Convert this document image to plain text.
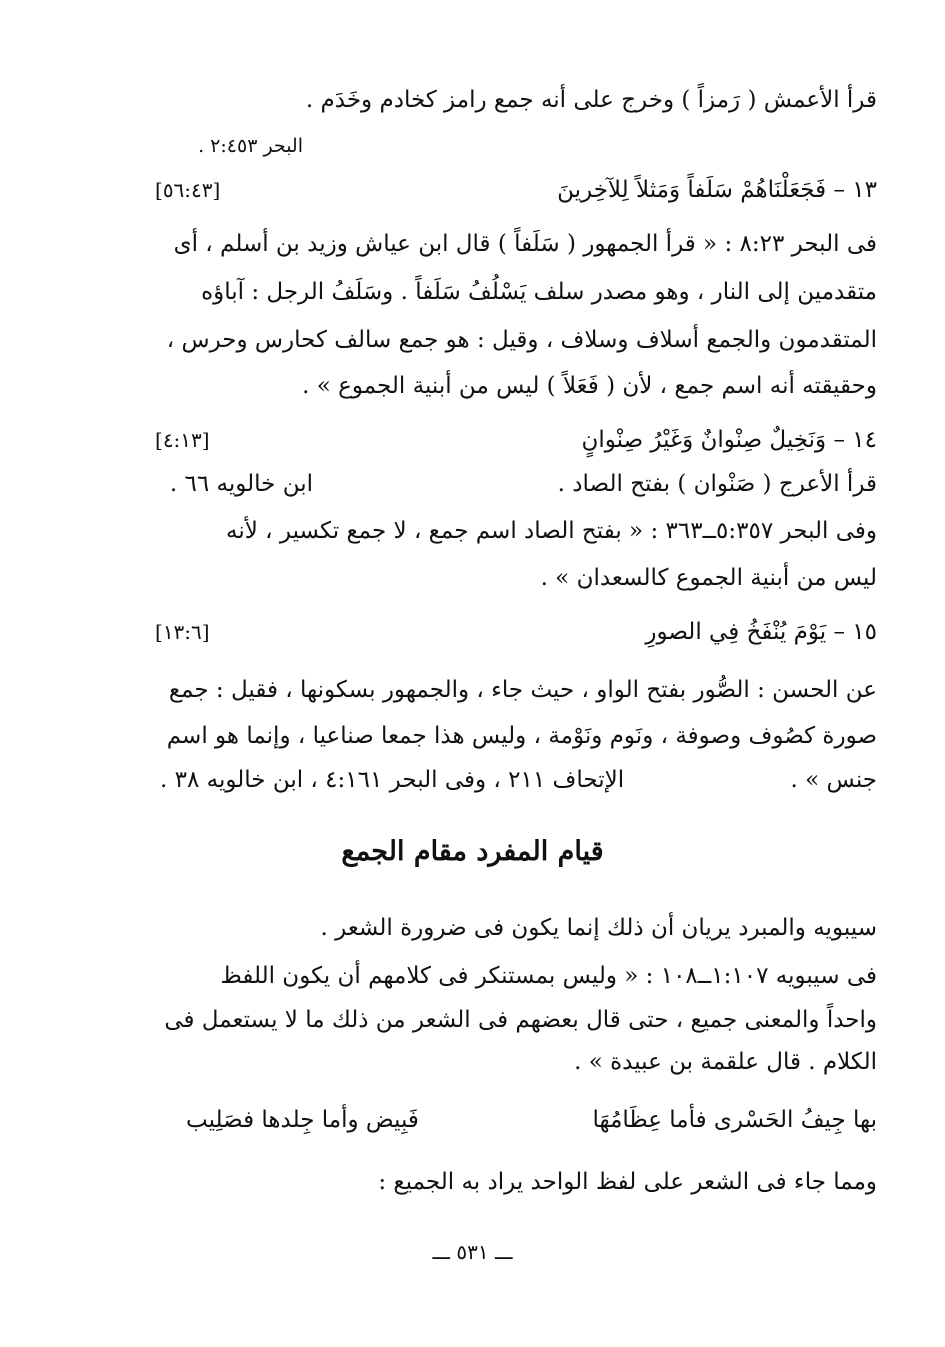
قرأ الأعمش ( رَمزاً ) وخرج على أنه جمع رامز كخادم وخَدَم .
البحر ٢:٤٥٣ .
١٣ – فَجَعَلْنَاهُمْ سَلَفاً وَمَثلاً لِلآخِرينَ
[٥٦:٤٣]
فى البحر ٨:٢٣ : « قرأ الجمهور ( سَلَفاً ) قال ابن عياش وزيد بن أسلم ، أى
متقدمين إلى النار ، وهو مصدر سلف يَسْلُفُ سَلَفاً . وسَلَفُ الرجل : آباؤه
المتقدمون والجمع أسلاف وسلاف ، وقيل : هو جمع سالف كحارس وحرس ،
وحقيقته أنه اسم جمع ، لأن ( فَعَلاً ) ليس من أبنية الجموع » .
١٤ – وَنَخِيلٌ صِنْوانٌ وَغَيْرُ صِنْوانٍ
[٤:١٣]
قرأ الأعرج ( صَنْوان ) بفتح الصاد .
ابن خالويه ٦٦ .
وفى البحر ٥:٣٥٧ــ٣٦٣ : « بفتح الصاد اسم جمع ، لا جمع تكسير ، لأنه
ليس من أبنية الجموع كالسعدان » .
١٥ – يَوْمَ يُنْفَخُ فِي الصورِ
[١٣:٦]
عن الحسن : الصُّور بفتح الواو ، حيث جاء ، والجمهور بسكونها ، فقيل : جمع
صورة كصُوف وصوفة ، ونَوم ونَوْمة ، وليس هذا جمعا صناعيا ، وإنما هو اسم
جنس » .
الإتحاف ٢١١ ، وفى البحر ٤:١٦١ ، ابن خالويه ٣٨ .
قيام المفرد مقام الجمع
سيبويه والمبرد يريان أن ذلك إنما يكون فى ضرورة الشعر .
فى سيبويه ١:١٠٧ــ١٠٨ : « وليس بمستنكر فى كلامهم أن يكون اللفظ
واحداً والمعنى جميع ، حتى قال بعضهم فى الشعر من ذلك ما لا يستعمل فى
الكلام . قال علقمة بن عبيدة » .
بها جِيفُ الحَسْرى فأما عِظَامُهَا
فَبِيض وأما جِلدها فصَلِيب
ومما جاء فى الشعر على لفظ الواحد يراد به الجميع :
ـــ ٥٣١ ـــ
